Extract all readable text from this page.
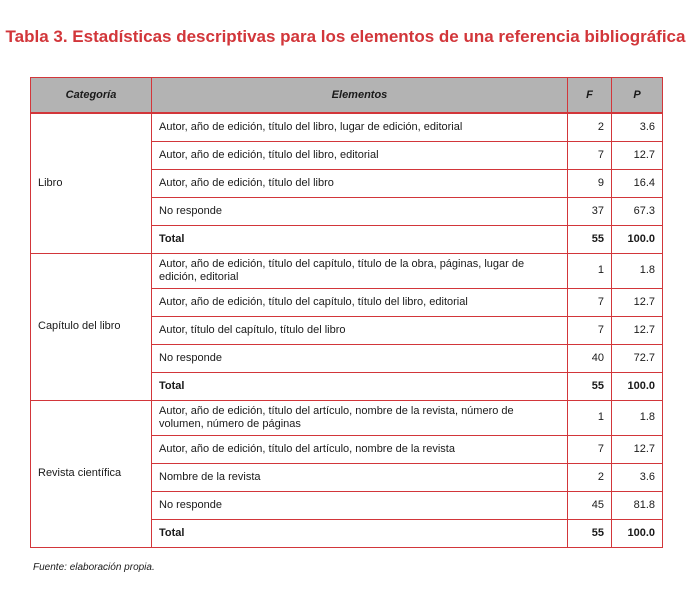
Tabla 3. Estadísticas descriptivas para los elementos de una referencia bibliográfica
Categoría	Elementos	F	P
Libro	Autor, año de edición, título del libro, lugar de edición, editorial	2	3.6
	Autor, año de edición, título del libro, editorial	7	12.7
	Autor, año de edición, título del libro	9	16.4
	No responde	37	67.3
	Total	55	100.0
Capítulo del libro	Autor, año de edición, título del capítulo, título de la obra, páginas, lugar de edición, editorial	1	1.8
	Autor, año de edición, título del capítulo, título del libro, editorial	7	12.7
	Autor, título del capítulo, título del libro	7	12.7
	No responde	40	72.7
	Total	55	100.0
Revista científica	Autor, año de edición, título del artículo, nombre de la revista, número de volumen, número de páginas	1	1.8
	Autor, año de edición, título del artículo, nombre de la revista	7	12.7
	Nombre de la revista	2	3.6
	No responde	45	81.8
	Total	55	100.0
Fuente: elaboración propia.
